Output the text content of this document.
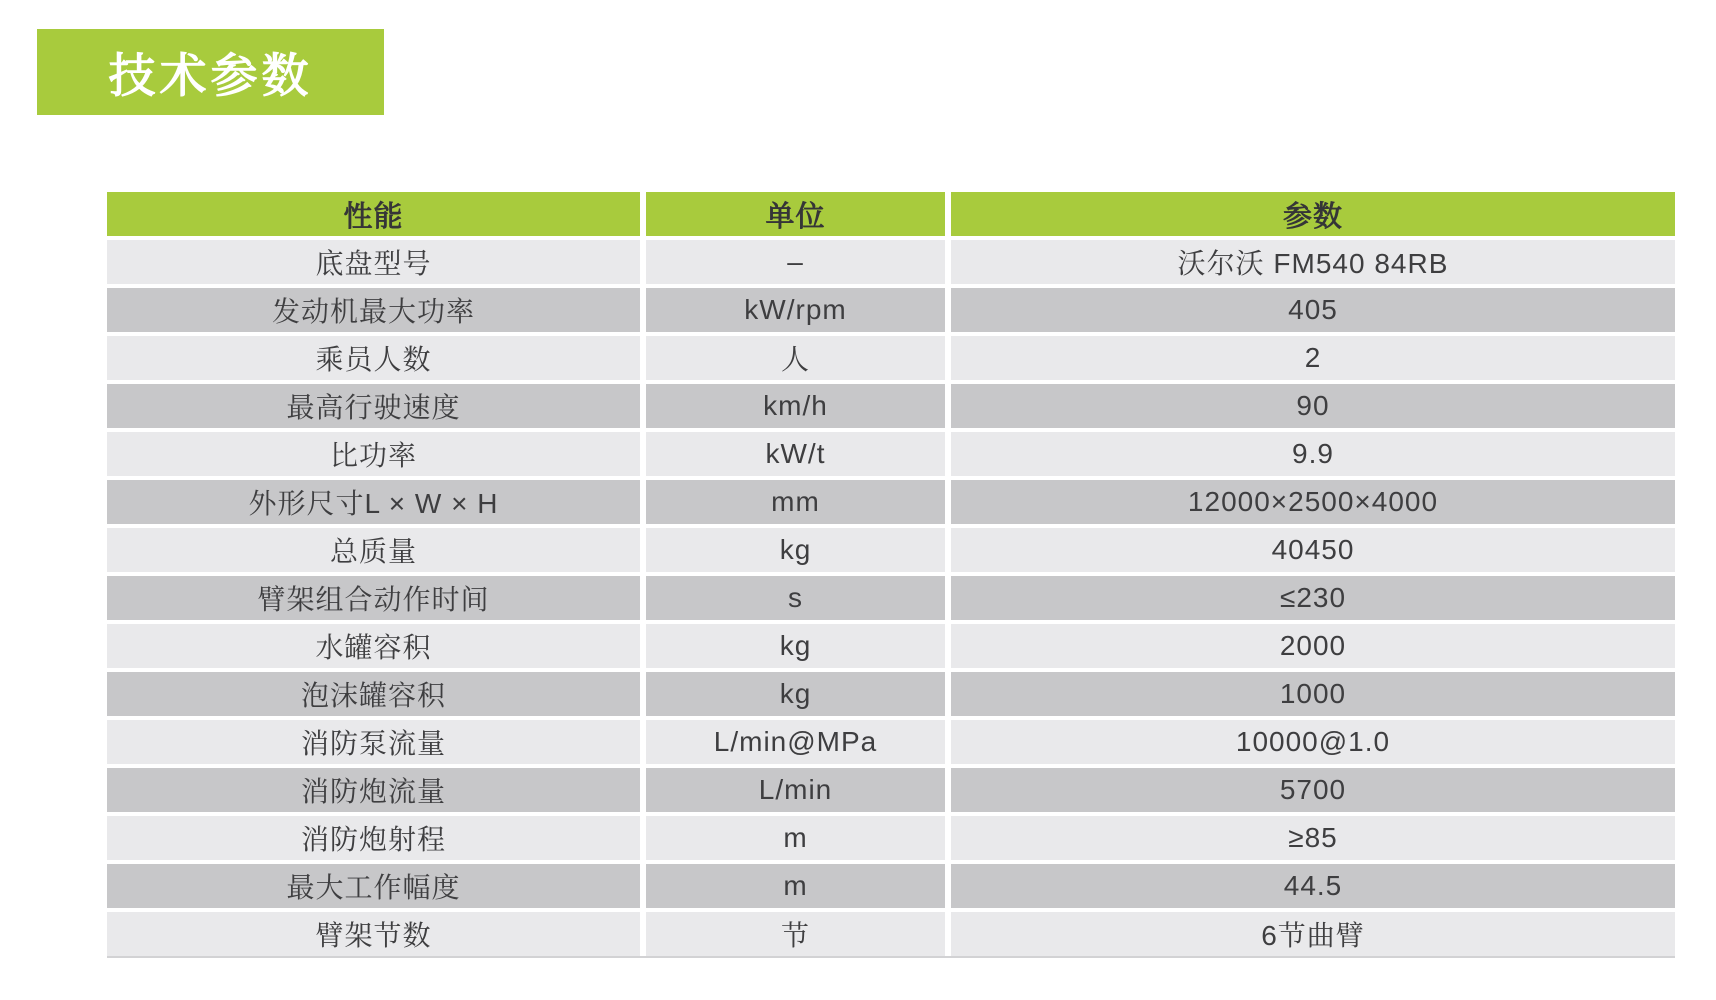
技术参数
性能	单位	参数
底盘型号	–	沃尔沃 FM540 84RB
发动机最大功率	kW/rpm	405
乘员人数	人	2
最高行驶速度	km/h	90
比功率	kW/t	9.9
外形尺寸L × W × H	mm	12000×2500×4000
总质量	kg	40450
臂架组合动作时间	s	≤230
水罐容积	kg	2000
泡沫罐容积	kg	1000
消防泵流量	L/min@MPa	10000@1.0
消防炮流量	L/min	5700
消防炮射程	m	≥85
最大工作幅度	m	44.5
臂架节数	节	6节曲臂
